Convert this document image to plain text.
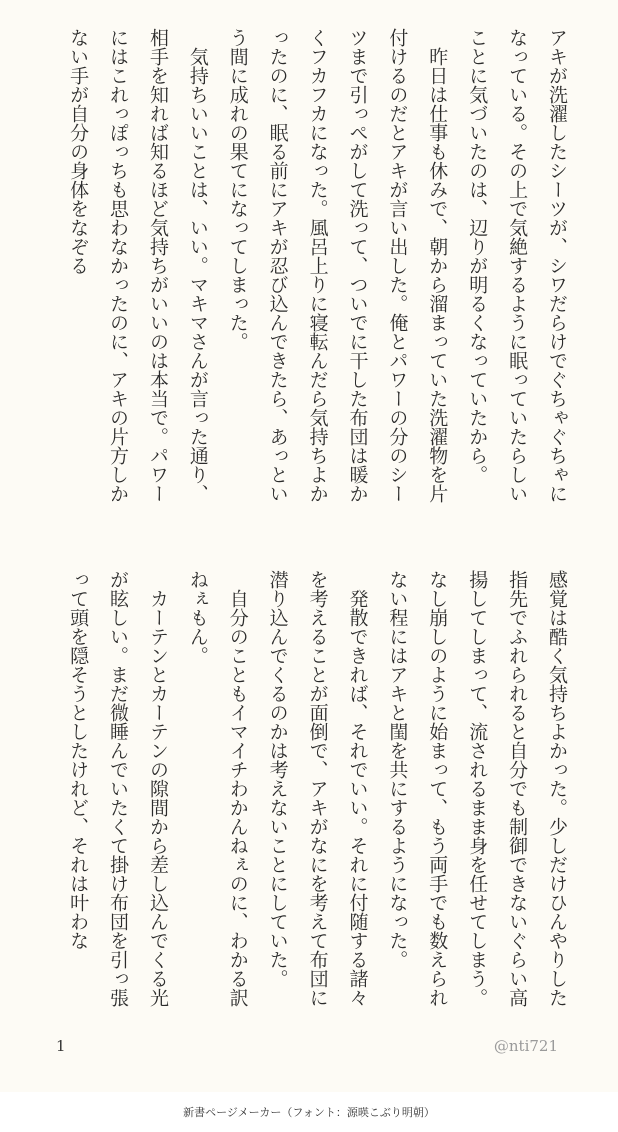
アキが洗濯したシーツが、シワだらけでぐちゃぐちゃになっている。その上で気絶するように眠っていたらしいことに気づいたのは、辺りが明るくなっていたから。

昨日は仕事も休みで、朝から溜まっていた洗濯物を片付けるのだとアキが言い出した。俺とパワーの分のシーツまで引っぺがして洗って、ついでに干した布団は暖かくフカフカになった。風呂上りに寝転んだら気持ちよかったのに、眠る前にアキが忍び込んできたら、あっという間に成れの果てになってしまった。

気持ちいいことは、いい。マキマさんが言った通り、相手を知れば知るほど気持ちがいいのは本当で。パワーにはこれっぽっちも思わなかったのに、アキの片方しかない手が自分の身体をなぞる

感覚は酷く気持ちよかった。少しだけひんやりした指先でふれられると自分でも制御できないぐらい高揚してしまって、流されるまま身を任せてしまう。なし崩しのように始まって、もう両手でも数えられない程にはアキと閨を共にするようになった。

発散できれば、それでいい。それに付随する諸々を考えることが面倒で、アキがなにを考えて布団に潜り込んでくるのかは考えないことにしていた。

自分のこともイマイチわかんねぇのに、わかる訳ねぇもん。

カーテンとカーテンの隙間から差し込んでくる光が眩しい。まだ微睡んでいたくて掛け布団を引っ張って頭を隠そうとしたけれど、それは叶わな

1	@nti721
新書ページメーカー（フォント：源暎こぶり明朝）
